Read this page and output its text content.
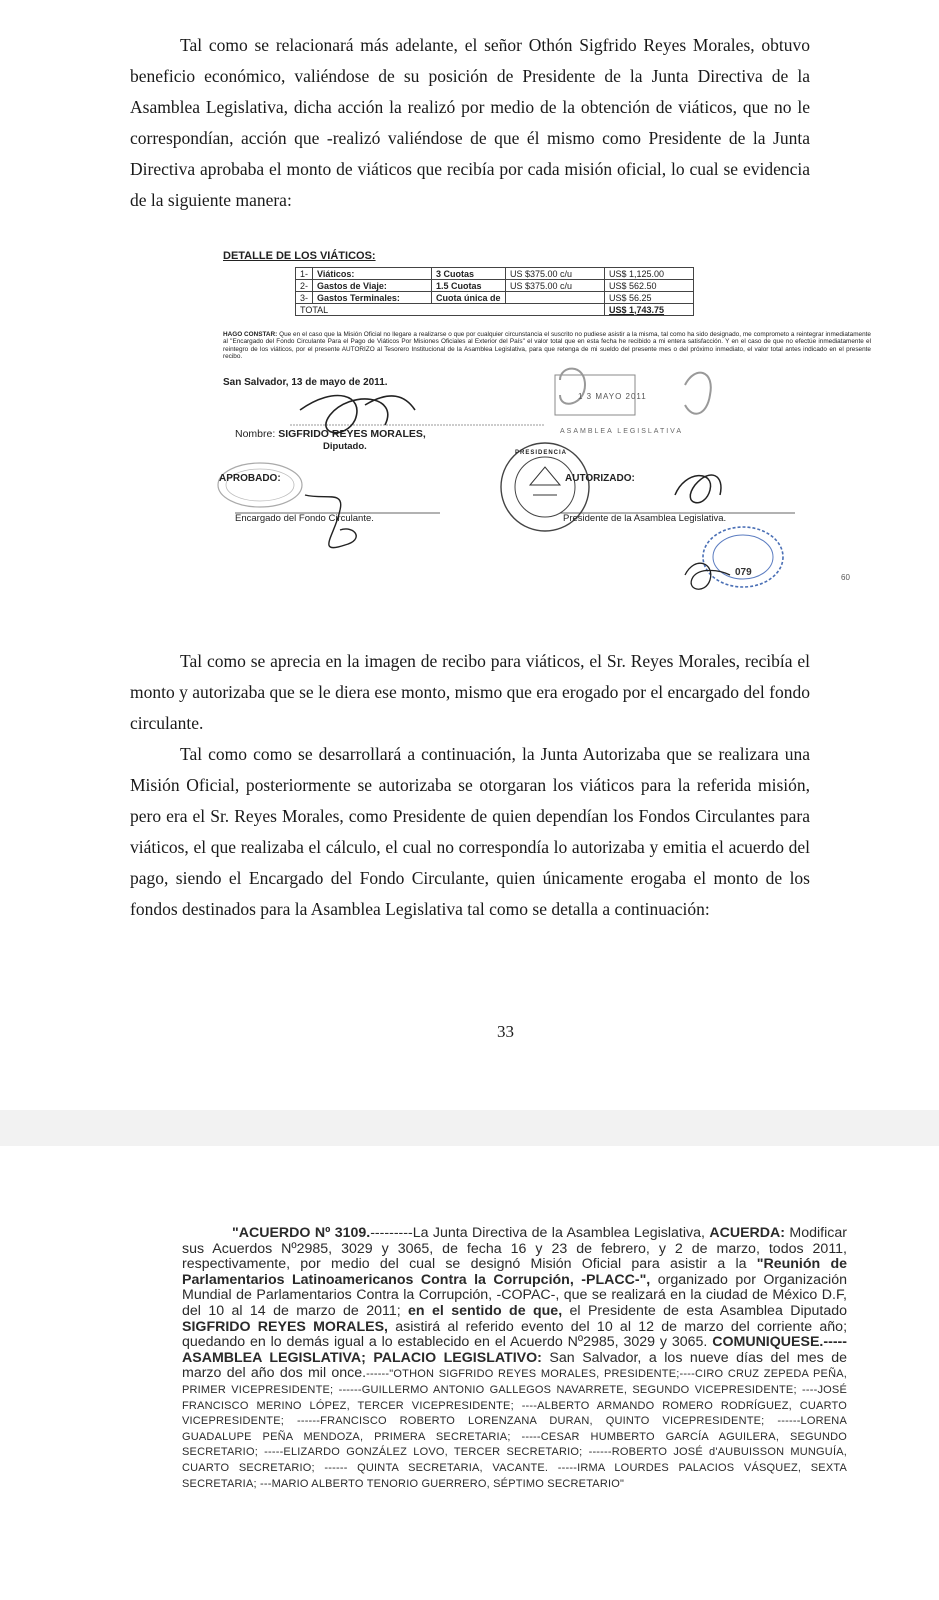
Tal como se relacionará más adelante, el señor Othón Sigfrido Reyes Morales, obtuvo beneficio económico, valiéndose de su posición de Presidente de la Junta Directiva de la Asamblea Legislativa, dicha acción la realizó por medio de la obtención de viáticos, que no le correspondían, acción que -realizó valiéndose de que él mismo como Presidente de la Junta Directiva aprobaba el monto de viáticos que recibía por cada misión oficial, lo cual se evidencia de la siguiente manera:

DETALLE DE LOS VIÁTICOS:
1-	Viáticos:	3 Cuotas	US $375.00 c/u	US$ 1,125.00
2-	Gastos de Viaje:	1.5 Cuotas	US $375.00 c/u	US$ 562.50
3-	Gastos Terminales:	Cuota única de		US$ 56.25
TOTAL				US$ 1,743.75
HAGO CONSTAR: Que en el caso que la Misión Oficial no llegare a realizarse o que por cualquier circunstancia el suscrito no pudiese asistir a la misma, tal como ha sido designado, me comprometo a reintegrar inmediatamente al "Encargado del Fondo Circulante Para el Pago de Viáticos Por Misiones Oficiales al Exterior del País" el valor total que en esta fecha he recibido a mi entera satisfacción. Y en el caso de que no efectúe inmediatamente el reintegro de los viáticos, por el presente AUTORIZO al Tesorero Institucional de la Asamblea Legislativa, para que retenga de mi sueldo del presente mes o del próximo inmediato, el valor total antes indicado en el presente recibo.
San Salvador, 13 de mayo de 2011.
1 3 MAYO 2011
ASAMBLEA LEGISLATIVA
Nombre: SIGFRIDO REYES MORALES,
Diputado.
APROBADO:
Encargado del Fondo Circulante.
AUTORIZADO:
Presidente de la Asamblea Legislativa.
PRESIDENCIA
079	60

Tal como se aprecia en la imagen de recibo para viáticos, el Sr. Reyes Morales, recibía el monto y autorizaba que se le diera ese monto, mismo que era erogado por el encargado del fondo circulante.

Tal como como se desarrollará a continuación, la Junta Autorizaba que se realizara una Misión Oficial, posteriormente se autorizaba se otorgaran los viáticos para la referida misión, pero era el Sr. Reyes Morales, como Presidente de quien dependían los Fondos Circulantes para viáticos, el que realizaba el cálculo, el cual no correspondía lo autorizaba y emitia el acuerdo del pago, siendo el Encargado del Fondo Circulante, quien únicamente erogaba el monto de los fondos destinados para la Asamblea Legislativa tal como se detalla a continuación:

33

"ACUERDO Nº 3109.---------La Junta Directiva de la Asamblea Legislativa, ACUERDA: Modificar sus Acuerdos Nº2985, 3029 y 3065, de fecha 16 y 23 de febrero, y 2 de marzo, todos 2011, respectivamente, por medio del cual se designó Misión Oficial para asistir a la "Reunión de Parlamentarios Latinoamericanos Contra la Corrupción, -PLACC-", organizado por Organización Mundial de Parlamentarios Contra la Corrupción, -COPAC-, que se realizará en la ciudad de México D.F, del 10 al 14 de marzo de 2011; en el sentido de que, el Presidente de esta Asamblea Diputado SIGFRIDO REYES MORALES, asistirá al referido evento del 10 al 12 de marzo del corriente año; quedando en lo demás igual a lo establecido en el Acuerdo Nº2985, 3029 y 3065. COMUNIQUESE.-----ASAMBLEA LEGISLATIVA; PALACIO LEGISLATIVO: San Salvador, a los nueve días del mes de marzo del año dos mil once.------"OTHON SIGFRIDO REYES MORALES, PRESIDENTE;----CIRO CRUZ ZEPEDA PEÑA, PRIMER VICEPRESIDENTE; ------GUILLERMO ANTONIO GALLEGOS NAVARRETE, SEGUNDO VICEPRESIDENTE; ----JOSÉ FRANCISCO MERINO LÓPEZ, TERCER VICEPRESIDENTE; ----ALBERTO ARMANDO ROMERO RODRÍGUEZ, CUARTO VICEPRESIDENTE; ------FRANCISCO ROBERTO LORENZANA DURAN, QUINTO VICEPRESIDENTE; ------LORENA GUADALUPE PEÑA MENDOZA, PRIMERA SECRETARIA; -----CESAR HUMBERTO GARCÍA AGUILERA, SEGUNDO SECRETARIO; -----ELIZARDO GONZÁLEZ LOVO, TERCER SECRETARIO; ------ROBERTO JOSÉ d'AUBUISSON MUNGUÍA, CUARTO SECRETARIO; ------ QUINTA SECRETARIA, VACANTE. -----IRMA LOURDES PALACIOS VÁSQUEZ, SEXTA SECRETARIA; ---MARIO ALBERTO TENORIO GUERRERO, SÉPTIMO SECRETARIO"
